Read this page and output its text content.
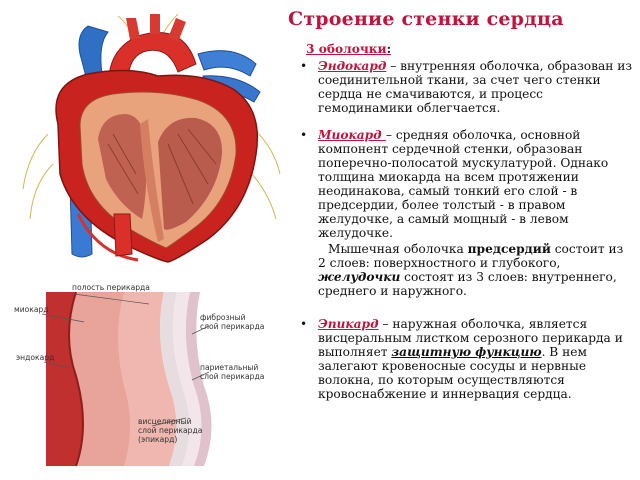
Строение стенки сердца
полость перикарда
миокард
фиброзный
слой перикарда
эндокард
париетальный
слой перикарда
висцелярный
слой перикарда
(эпикард)
3 оболочки:

• Эндокард – внутренняя оболочка, образован из соединительной ткани, за счет чего стенки сердца не смачиваются, и процесс гемодинамики облегчается.

• Миокард – средняя оболочка, основной компонент сердечной стенки, образован поперечно-полосатой мускулатурой. Однако толщина миокарда на всем протяжении неодинакова, самый тонкий его слой - в предсердии, более толстый - в правом желудочке, а самый мощный - в левом желудочке.

Мышечная оболочка предсердий состоит из 2 слоев: поверхностного и глубокого, желудочки состоят из 3 слоев: внутреннего, среднего и наружного.

• Эпикард – наружная оболочка, является висцеральным листком серозного перикарда и выполняет защитную функцию. В нем залегают кровеносные сосуды и нервные волокна, по которым осуществляются кровоснабжение и иннервация сердца.
